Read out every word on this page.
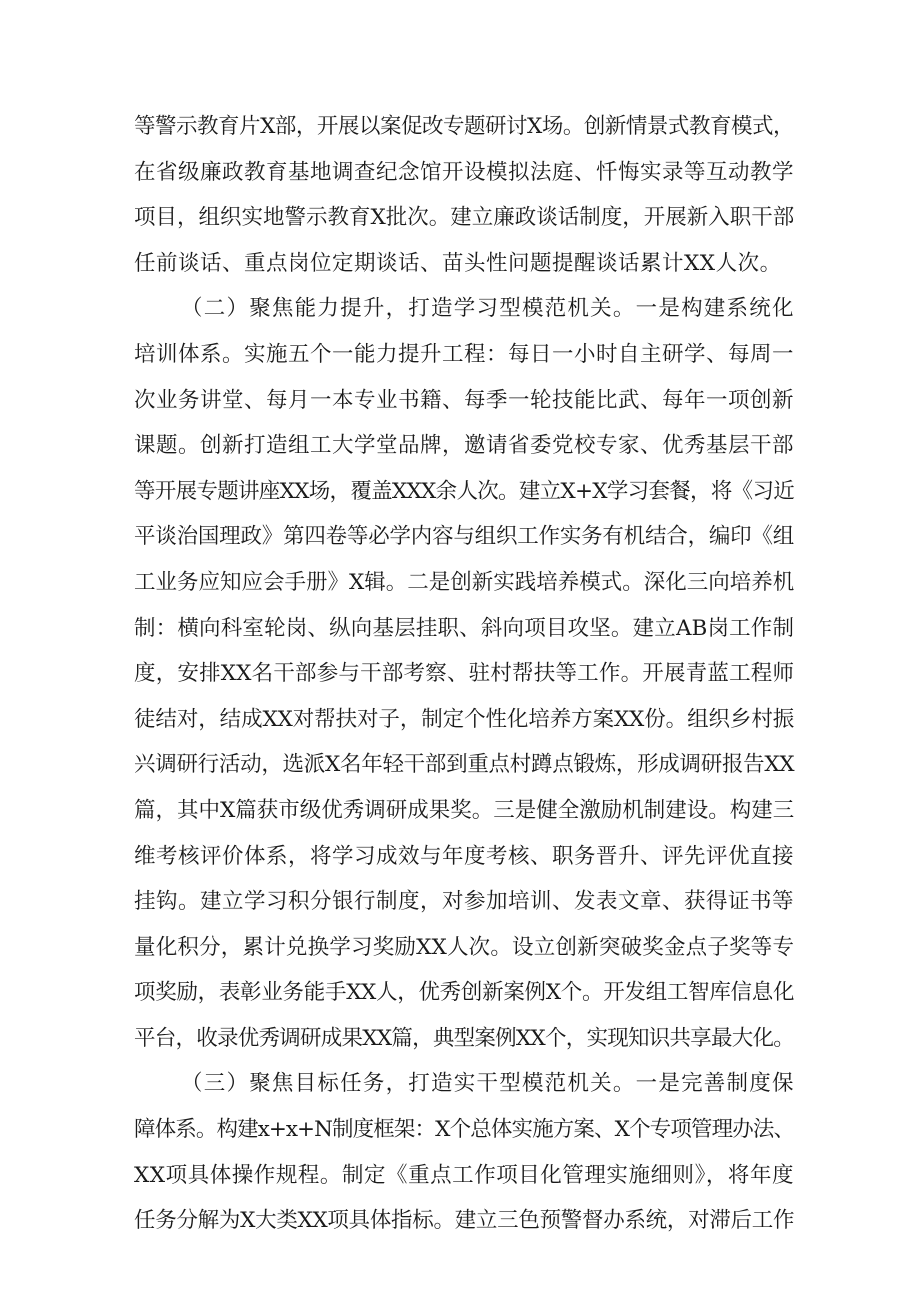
等警示教育片X部，开展以案促改专题研讨X场。创新情景式教育模式，
在省级廉政教育基地调查纪念馆开设模拟法庭、忏悔实录等互动教学
项目，组织实地警示教育X批次。建立廉政谈话制度，开展新入职干部
任前谈话、重点岗位定期谈话、苗头性问题提醒谈话累计XX人次。
（二）聚焦能力提升，打造学习型模范机关。一是构建系统化
培训体系。实施五个一能力提升工程：每日一小时自主研学、每周一
次业务讲堂、每月一本专业书籍、每季一轮技能比武、每年一项创新
课题。创新打造组工大学堂品牌，邀请省委党校专家、优秀基层干部
等开展专题讲座XX场，覆盖XXX余人次。建立X+X学习套餐，将《习近
平谈治国理政》第四卷等必学内容与组织工作实务有机结合，编印《组
工业务应知应会手册》X辑。二是创新实践培养模式。深化三向培养机
制：横向科室轮岗、纵向基层挂职、斜向项目攻坚。建立AB岗工作制
度，安排XX名干部参与干部考察、驻村帮扶等工作。开展青蓝工程师
徒结对，结成XX对帮扶对子，制定个性化培养方案XX份。组织乡村振
兴调研行活动，选派X名年轻干部到重点村蹲点锻炼，形成调研报告XX
篇，其中X篇获市级优秀调研成果奖。三是健全激励机制建设。构建三
维考核评价体系，将学习成效与年度考核、职务晋升、评先评优直接
挂钩。建立学习积分银行制度，对参加培训、发表文章、获得证书等
量化积分，累计兑换学习奖励XX人次。设立创新突破奖金点子奖等专
项奖励，表彰业务能手XX人，优秀创新案例X个。开发组工智库信息化
平台，收录优秀调研成果XX篇，典型案例XX个，实现知识共享最大化。
（三）聚焦目标任务，打造实干型模范机关。一是完善制度保
障体系。构建x+x+N制度框架：X个总体实施方案、X个专项管理办法、
XX项具体操作规程。制定《重点工作项目化管理实施细则》，将年度
任务分解为X大类XX项具体指标。建立三色预警督办系统，对滞后工作
